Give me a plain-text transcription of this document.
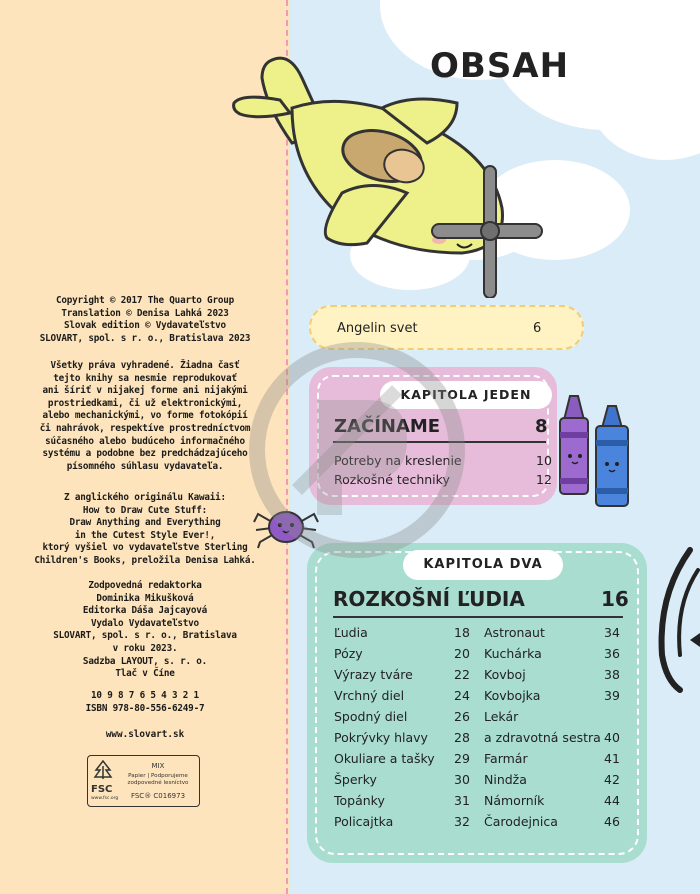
Copyright © 2017 The Quarto Group
Translation © Denisa Lahká 2023
Slovak edition © Vydavateľstvo
SLOVART, spol. s r. o., Bratislava 2023
Všetky práva vyhradené. Žiadna časť
tejto knihy sa nesmie reprodukovať
ani šíriť v nijakej forme ani nijakými
prostriedkami, či už elektronickými,
alebo mechanickými, vo forme fotokópií
či nahrávok, respektíve prostredníctvom
súčasného alebo budúceho informačného
systému a podobne bez predchádzajúceho
písomného súhlasu vydavateľa.
Z anglického originálu Kawaii:
How to Draw Cute Stuff:
Draw Anything and Everything
in the Cutest Style Ever!,
ktorý vyšiel vo vydavateľstve Sterling
Children's Books, preložila Denisa Lahká.
Zodpovedná redaktorka
Dominika Mikušková
Editorka Dáša Jajcayová
Vydalo Vydavateľstvo
SLOVART, spol. s r. o., Bratislava
v roku 2023.
Sadzba LAYOUT, s. r. o.
Tlač v Číne
10 9 8 7 6 5 4 3 2 1
ISBN 978-80-556-6249-7
www.slovart.sk
FSC
www.fsc.org
MIX
Papier | Podporujeme
zodpovedné lesníctvo
FSC® C016973
OBSAH
Angelin svet	6
KAPITOLA JEDEN
ZAČÍNAME	8
Potreby na kreslenie	10
Rozkošné techniky	12
KAPITOLA DVA
ROZKOŠNÍ ĽUDIA	16
Ľudia	18
Pózy	20
Výrazy tváre	22
Vrchný diel	24
Spodný diel	26
Pokrývky hlavy 28
Okuliare a tašky 29
Šperky	30
Topánky	31
Policajtka	32
Astronaut	34
Kuchárka	36
Kovboj	38
Kovbojka	39
Lekár
a zdravotná sestra 40
Farmár	41
Nindža	42
Námorník	44
Čarodejnica	46
